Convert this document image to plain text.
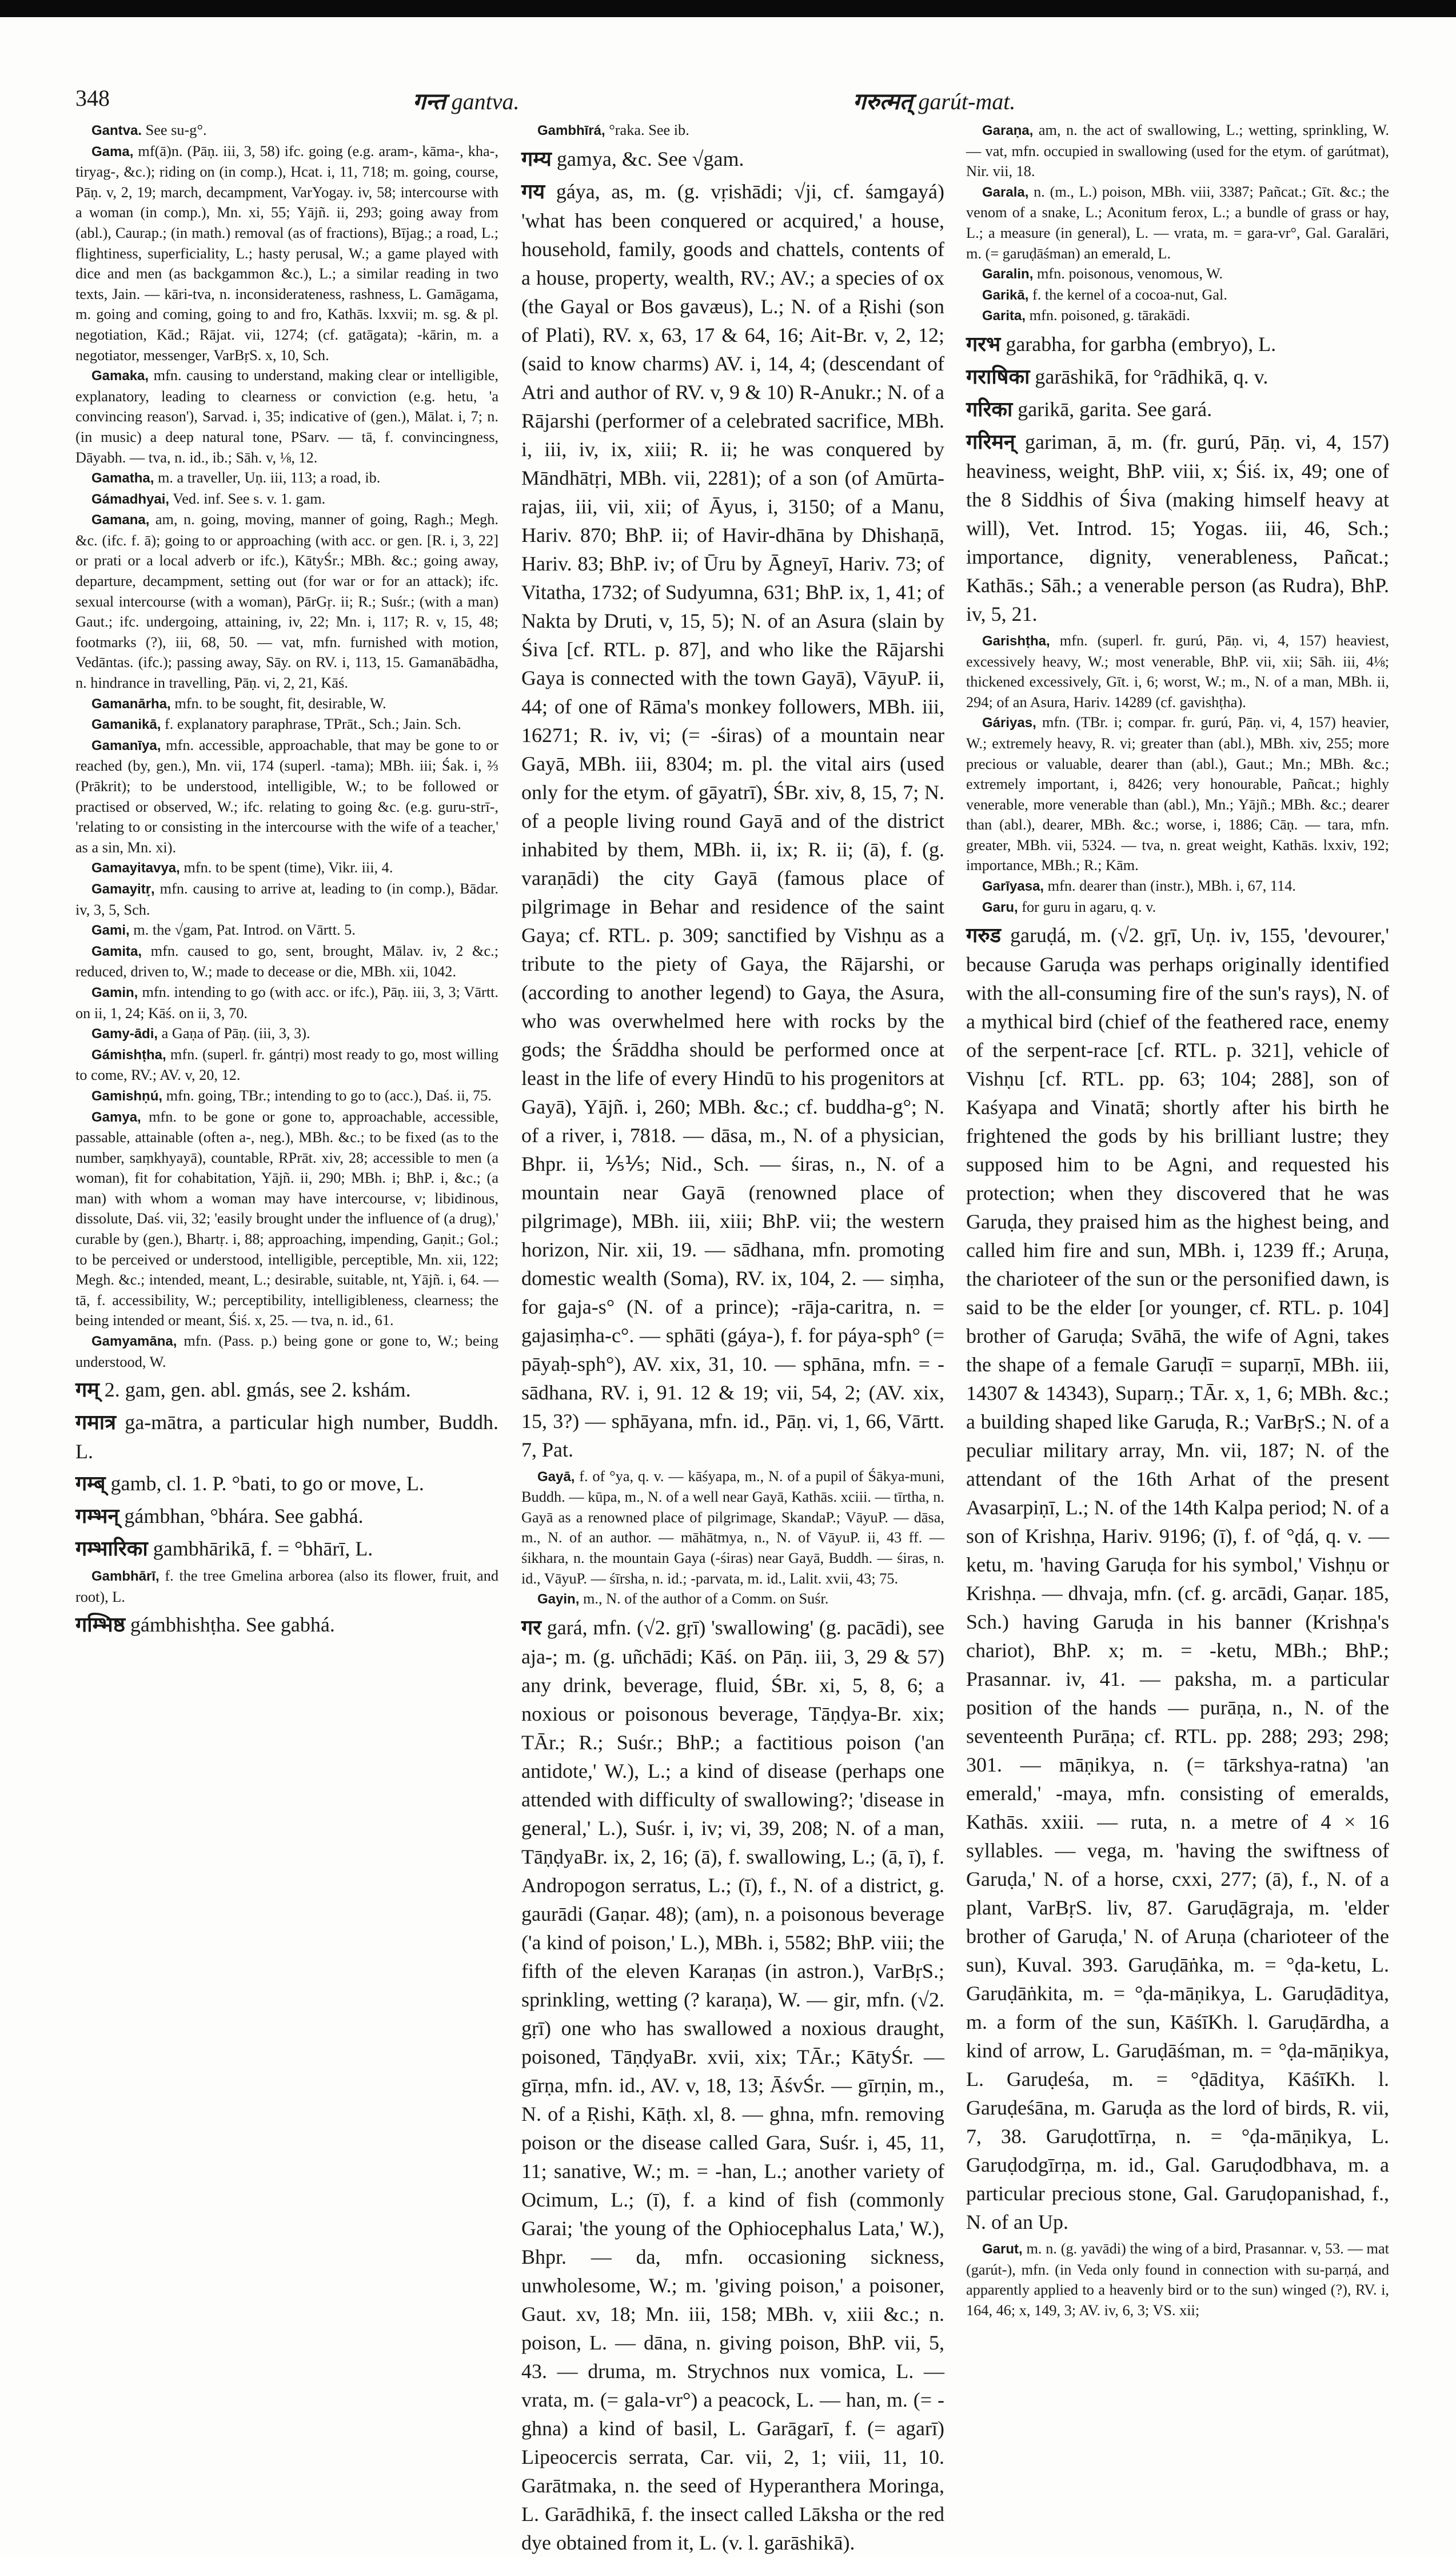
348	गन्त gantva.	गरुत्मत् garút-mat.

Gantva. See su-g°.

Gama, mf(ā)n. (Pāṇ. iii, 3, 58) ifc. going (e.g. aram-, kāma-, kha-, tiryag-, &c.); riding on (in comp.), Hcat. i, 11, 718; m. going, course, Pāṇ. v, 2, 19; march, decampment, VarYogay. iv, 58; intercourse with a woman (in comp.), Mn. xi, 55; Yājñ. ii, 293; going away from (abl.), Caurap.; (in math.) removal (as of fractions), Bījag.; a road, L.; flightiness, superficiality, L.; hasty perusal, W.; a game played with dice and men (as backgammon &c.), L.; a similar reading in two texts, Jain. — kāri-tva, n. inconsiderateness, rashness, L. Gamāgama, m. going and coming, going to and fro, Kathās. lxxvii; m. sg. & pl. negotiation, Kād.; Rājat. vii, 1274; (cf. gatāgata); -kārin, m. a negotiator, messenger, VarBṛS. x, 10, Sch.

Gamaka, mfn. causing to understand, making clear or intelligible, explanatory, leading to clearness or conviction (e.g. hetu, 'a convincing reason'), Sarvad. i, 35; indicative of (gen.), Mālat. i, 7; n. (in music) a deep natural tone, PSarv. — tā, f. convincingness, Dāyabh. — tva, n. id., ib.; Sāh. v, ⅛, 12.

Gamatha, m. a traveller, Uṇ. iii, 113; a road, ib.

Gámadhyai, Ved. inf. See s. v. 1. gam.

Gamana, am, n. going, moving, manner of going, Ragh.; Megh. &c. (ifc. f. ā); going to or approaching (with acc. or gen. [R. i, 3, 22] or prati or a local adverb or ifc.), KātyŚr.; MBh. &c.; going away, departure, decampment, setting out (for war or for an attack); ifc. sexual intercourse (with a woman), PārGṛ. ii; R.; Suśr.; (with a man) Gaut.; ifc. undergoing, attaining, iv, 22; Mn. i, 117; R. v, 15, 48; footmarks (?), iii, 68, 50. — vat, mfn. furnished with motion, Vedāntas. (ifc.); passing away, Sāy. on RV. i, 113, 15. Gamanābādha, n. hindrance in travelling, Pāṇ. vi, 2, 21, Kāś.

Gamanārha, mfn. to be sought, fit, desirable, W.

Gamanikā, f. explanatory paraphrase, TPrāt., Sch.; Jain. Sch.

Gamanīya, mfn. accessible, approachable, that may be gone to or reached (by, gen.), Mn. vii, 174 (superl. -tama); MBh. iii; Śak. i, ⅔ (Prākrit); to be understood, intelligible, W.; to be followed or practised or observed, W.; ifc. relating to going &c. (e.g. guru-strī-, 'relating to or consisting in the intercourse with the wife of a teacher,' as a sin, Mn. xi).

Gamayitavya, mfn. to be spent (time), Vikr. iii, 4.

Gamayitṛ, mfn. causing to arrive at, leading to (in comp.), Bādar. iv, 3, 5, Sch.

Gami, m. the √gam, Pat. Introd. on Vārtt. 5.

Gamita, mfn. caused to go, sent, brought, Mālav. iv, 2 &c.; reduced, driven to, W.; made to decease or die, MBh. xii, 1042.

Gamin, mfn. intending to go (with acc. or ifc.), Pāṇ. iii, 3, 3; Vārtt. on ii, 1, 24; Kāś. on ii, 3, 70.

Gamy-ādi, a Gaṇa of Pāṇ. (iii, 3, 3).

Gámishṭha, mfn. (superl. fr. gántṛi) most ready to go, most willing to come, RV.; AV. v, 20, 12.

Gamishṇú, mfn. going, TBr.; intending to go to (acc.), Daś. ii, 75.

Gamya, mfn. to be gone or gone to, approachable, accessible, passable, attainable (often a-, neg.), MBh. &c.; to be fixed (as to the number, saṃkhyayā), countable, RPrāt. xiv, 28; accessible to men (a woman), fit for cohabitation, Yājñ. ii, 290; MBh. i; BhP. i, &c.; (a man) with whom a woman may have intercourse, v; libidinous, dissolute, Daś. vii, 32; 'easily brought under the influence of (a drug),' curable by (gen.), Bhartṛ. i, 88; approaching, impending, Gaṇit.; Gol.; to be perceived or understood, intelligible, perceptible, Mn. xii, 122; Megh. &c.; intended, meant, L.; desirable, suitable, nt, Yājñ. i, 64. — tā, f. accessibility, W.; perceptibility, intelligibleness, clearness; the being intended or meant, Śiś. x, 25. — tva, n. id., 61.

Gamyamāna, mfn. (Pass. p.) being gone or gone to, W.; being understood, W.

गम् 2. gam, gen. abl. gmás, see 2. kshám.

गमात्र ga-mātra, a particular high number, Buddh. L.

गम्ब् gamb, cl. 1. P. °bati, to go or move, L.

गम्भन् gámbhan, °bhára. See gabhá.

गम्भारिका gambhārikā, f. = °bhārī, L.

Gambhārī, f. the tree Gmelina arborea (also its flower, fruit, and root), L.

गम्भिष्ठ gámbhishṭha. See gabhá.

Gambhīrá, °raka. See ib.

गम्य gamya, &c. See √gam.

गय gáya, as, m. (g. vṛishādi; √ji, cf. śamgayá) 'what has been conquered or acquired,' a house, household, family, goods and chattels, contents of a house, property, wealth, RV.; AV.; a species of ox (the Gayal or Bos gavæus), L.; N. of a Ṛishi (son of Plati), RV. x, 63, 17 & 64, 16; Ait-Br. v, 2, 12; (said to know charms) AV. i, 14, 4; (descendant of Atri and author of RV. v, 9 & 10) R-Anukr.; N. of a Rājarshi (performer of a celebrated sacrifice, MBh. i, iii, iv, ix, xiii; R. ii; he was conquered by Māndhātṛi, MBh. vii, 2281); of a son (of Amūrta-rajas, iii, vii, xii; of Āyus, i, 3150; of a Manu, Hariv. 870; BhP. ii; of Havir-dhāna by Dhishaṇā, Hariv. 83; BhP. iv; of Ūru by Āgneyī, Hariv. 73; of Vitatha, 1732; of Sudyumna, 631; BhP. ix, 1, 41; of Nakta by Druti, v, 15, 5); N. of an Asura (slain by Śiva [cf. RTL. p. 87], and who like the Rājarshi Gaya is connected with the town Gayā), VāyuP. ii, 44; of one of Rāma's monkey followers, MBh. iii, 16271; R. iv, vi; (= -śiras) of a mountain near Gayā, MBh. iii, 8304; m. pl. the vital airs (used only for the etym. of gāyatrī), ŚBr. xiv, 8, 15, 7; N. of a people living round Gayā and of the district inhabited by them, MBh. ii, ix; R. ii; (ā), f. (g. varaṇādi) the city Gayā (famous place of pilgrimage in Behar and residence of the saint Gaya; cf. RTL. p. 309; sanctified by Vishṇu as a tribute to the piety of Gaya, the Rājarshi, or (according to another legend) to Gaya, the Asura, who was overwhelmed here with rocks by the gods; the Śrāddha should be performed once at least in the life of every Hindū to his progenitors at Gayā), Yājñ. i, 260; MBh. &c.; cf. buddha-g°; N. of a river, i, 7818. — dāsa, m., N. of a physician, Bhpr. ii, ⅕⅕; Nid., Sch. — śiras, n., N. of a mountain near Gayā (renowned place of pilgrimage), MBh. iii, xiii; BhP. vii; the western horizon, Nir. xii, 19. — sādhana, mfn. promoting domestic wealth (Soma), RV. ix, 104, 2. — siṃha, for gaja-s° (N. of a prince); -rāja-caritra, n. = gajasiṃha-c°. — sphāti (gáya-), f. for páya-sph° (= pāyaḥ-sph°), AV. xix, 31, 10. — sphāna, mfn. = -sādhana, RV. i, 91. 12 & 19; vii, 54, 2; (AV. xix, 15, 3?) — sphāyana, mfn. id., Pāṇ. vi, 1, 66, Vārtt. 7, Pat.

Gayā, f. of °ya, q. v. — kāśyapa, m., N. of a pupil of Śākya-muni, Buddh. — kūpa, m., N. of a well near Gayā, Kathās. xciii. — tīrtha, n. Gayā as a renowned place of pilgrimage, SkandaP.; VāyuP. — dāsa, m., N. of an author. — māhātmya, n., N. of VāyuP. ii, 43 ff. — śikhara, n. the mountain Gaya (-śiras) near Gayā, Buddh. — śiras, n. id., VāyuP. — śīrsha, n. id.; -parvata, m. id., Lalit. xvii, 43; 75.

Gayin, m., N. of the author of a Comm. on Suśr.

गर gará, mfn. (√2. gṛī) 'swallowing' (g. pacādi), see aja-; m. (g. uñchādi; Kāś. on Pāṇ. iii, 3, 29 & 57) any drink, beverage, fluid, ŚBr. xi, 5, 8, 6; a noxious or poisonous beverage, Tāṇḍya-Br. xix; TĀr.; R.; Suśr.; BhP.; a factitious poison ('an antidote,' W.), L.; a kind of disease (perhaps one attended with difficulty of swallowing?; 'disease in general,' L.), Suśr. i, iv; vi, 39, 208; N. of a man, TāṇḍyaBr. ix, 2, 16; (ā), f. swallowing, L.; (ā, ī), f. Andropogon serratus, L.; (ī), f., N. of a district, g. gaurādi (Gaṇar. 48); (am), n. a poisonous beverage ('a kind of poison,' L.), MBh. i, 5582; BhP. viii; the fifth of the eleven Karaṇas (in astron.), VarBṛS.; sprinkling, wetting (? karaṇa), W. — gir, mfn. (√2. gṛī) one who has swallowed a noxious draught, poisoned, TāṇḍyaBr. xvii, xix; TĀr.; KātyŚr. — gīrṇa, mfn. id., AV. v, 18, 13; ĀśvŚr. — gīrṇin, m., N. of a Ṛishi, Kāṭh. xl, 8. — ghna, mfn. removing poison or the disease called Gara, Suśr. i, 45, 11, 11; sanative, W.; m. = -han, L.; another variety of Ocimum, L.; (ī), f. a kind of fish (commonly Garai; 'the young of the Ophiocephalus Lata,' W.), Bhpr. — da, mfn. occasioning sickness, unwholesome, W.; m. 'giving poison,' a poisoner, Gaut. xv, 18; Mn. iii, 158; MBh. v, xiii &c.; n. poison, L. — dāna, n. giving poison, BhP. vii, 5, 43. — druma, m. Strychnos nux vomica, L. — vrata, m. (= gala-vr°) a peacock, L. — han, m. (= -ghna) a kind of basil, L. Garāgarī, f. (= agarī) Lipeocercis serrata, Car. vii, 2, 1; viii, 11, 10. Garātmaka, n. the seed of Hyperanthera Moringa, L. Garādhikā, f. the insect called Lāksha or the red dye obtained from it, L. (v. l. garāshikā).

Garaṇa, am, n. the act of swallowing, L.; wetting, sprinkling, W. — vat, mfn. occupied in swallowing (used for the etym. of garútmat), Nir. vii, 18.

Garala, n. (m., L.) poison, MBh. viii, 3387; Pañcat.; Gīt. &c.; the venom of a snake, L.; Aconitum ferox, L.; a bundle of grass or hay, L.; a measure (in general), L. — vrata, m. = gara-vr°, Gal. Garalāri, m. (= garuḍāśman) an emerald, L.

Garalin, mfn. poisonous, venomous, W.

Garikā, f. the kernel of a cocoa-nut, Gal.

Garita, mfn. poisoned, g. tārakādi.

गरभ garabha, for garbha (embryo), L.

गराषिका garāshikā, for °rādhikā, q. v.

गरिका garikā, garita. See gará.

गरिमन् gariman, ā, m. (fr. gurú, Pāṇ. vi, 4, 157) heaviness, weight, BhP. viii, x; Śiś. ix, 49; one of the 8 Siddhis of Śiva (making himself heavy at will), Vet. Introd. 15; Yogas. iii, 46, Sch.; importance, dignity, venerableness, Pañcat.; Kathās.; Sāh.; a venerable person (as Rudra), BhP. iv, 5, 21.

Garishṭha, mfn. (superl. fr. gurú, Pāṇ. vi, 4, 157) heaviest, excessively heavy, W.; most venerable, BhP. vii, xii; Sāh. iii, 4⅛; thickened excessively, Gīt. i, 6; worst, W.; m., N. of a man, MBh. ii, 294; of an Asura, Hariv. 14289 (cf. gavishṭha).

Gáriyas, mfn. (TBr. i; compar. fr. gurú, Pāṇ. vi, 4, 157) heavier, W.; extremely heavy, R. vi; greater than (abl.), MBh. xiv, 255; more precious or valuable, dearer than (abl.), Gaut.; Mn.; MBh. &c.; extremely important, i, 8426; very honourable, Pañcat.; highly venerable, more venerable than (abl.), Mn.; Yājñ.; MBh. &c.; dearer than (abl.), dearer, MBh. &c.; worse, i, 1886; Cāṇ. — tara, mfn. greater, MBh. vii, 5324. — tva, n. great weight, Kathās. lxxiv, 192; importance, MBh.; R.; Kām.

Garīyasa, mfn. dearer than (instr.), MBh. i, 67, 114.

Garu, for guru in agaru, q. v.

गरुड garuḍá, m. (√2. gṛī, Uṇ. iv, 155, 'devourer,' because Garuḍa was perhaps originally identified with the all-consuming fire of the sun's rays), N. of a mythical bird (chief of the feathered race, enemy of the serpent-race [cf. RTL. p. 321], vehicle of Vishṇu [cf. RTL. pp. 63; 104; 288], son of Kaśyapa and Vinatā; shortly after his birth he frightened the gods by his brilliant lustre; they supposed him to be Agni, and requested his protection; when they discovered that he was Garuḍa, they praised him as the highest being, and called him fire and sun, MBh. i, 1239 ff.; Aruṇa, the charioteer of the sun or the personified dawn, is said to be the elder [or younger, cf. RTL. p. 104] brother of Garuḍa; Svāhā, the wife of Agni, takes the shape of a female Garuḍī = suparṇī, MBh. iii, 14307 & 14343), Suparṇ.; TĀr. x, 1, 6; MBh. &c.; a building shaped like Garuḍa, R.; VarBṛS.; N. of a peculiar military array, Mn. vii, 187; N. of the attendant of the 16th Arhat of the present Avasarpiṇī, L.; N. of the 14th Kalpa period; N. of a son of Krishṇa, Hariv. 9196; (ī), f. of °ḍá, q. v. — ketu, m. 'having Garuḍa for his symbol,' Vishṇu or Krishṇa. — dhvaja, mfn. (cf. g. arcādi, Gaṇar. 185, Sch.) having Garuḍa in his banner (Krishṇa's chariot), BhP. x; m. = -ketu, MBh.; BhP.; Prasannar. iv, 41. — paksha, m. a particular position of the hands — purāṇa, n., N. of the seventeenth Purāṇa; cf. RTL. pp. 288; 293; 298; 301. — māṇikya, n. (= tārkshya-ratna) 'an emerald,' -maya, mfn. consisting of emeralds, Kathās. xxiii. — ruta, n. a metre of 4 × 16 syllables. — vega, m. 'having the swiftness of Garuḍa,' N. of a horse, cxxi, 277; (ā), f., N. of a plant, VarBṛS. liv, 87. Garuḍāgraja, m. 'elder brother of Garuḍa,' N. of Aruṇa (charioteer of the sun), Kuval. 393. Garuḍāṅka, m. = °ḍa-ketu, L. Garuḍāṅkita, m. = °ḍa-māṇikya, L. Garuḍāditya, m. a form of the sun, KāśīKh. l. Garuḍārdha, a kind of arrow, L. Garuḍāśman, m. = °ḍa-māṇikya, L. Garuḍeśa, m. = °ḍāditya, KāśīKh. l. Garuḍeśāna, m. Garuḍa as the lord of birds, R. vii, 7, 38. Garuḍottīrṇa, n. = °ḍa-māṇikya, L. Garuḍodgīrṇa, m. id., Gal. Garuḍodbhava, m. a particular precious stone, Gal. Garuḍopanishad, f., N. of an Up.

Garut, m. n. (g. yavādi) the wing of a bird, Prasannar. v, 53. — mat (garút-), mfn. (in Veda only found in connection with su-parṇá, and apparently applied to a heavenly bird or to the sun) winged (?), RV. i, 164, 46; x, 149, 3; AV. iv, 6, 3; VS. xii;
